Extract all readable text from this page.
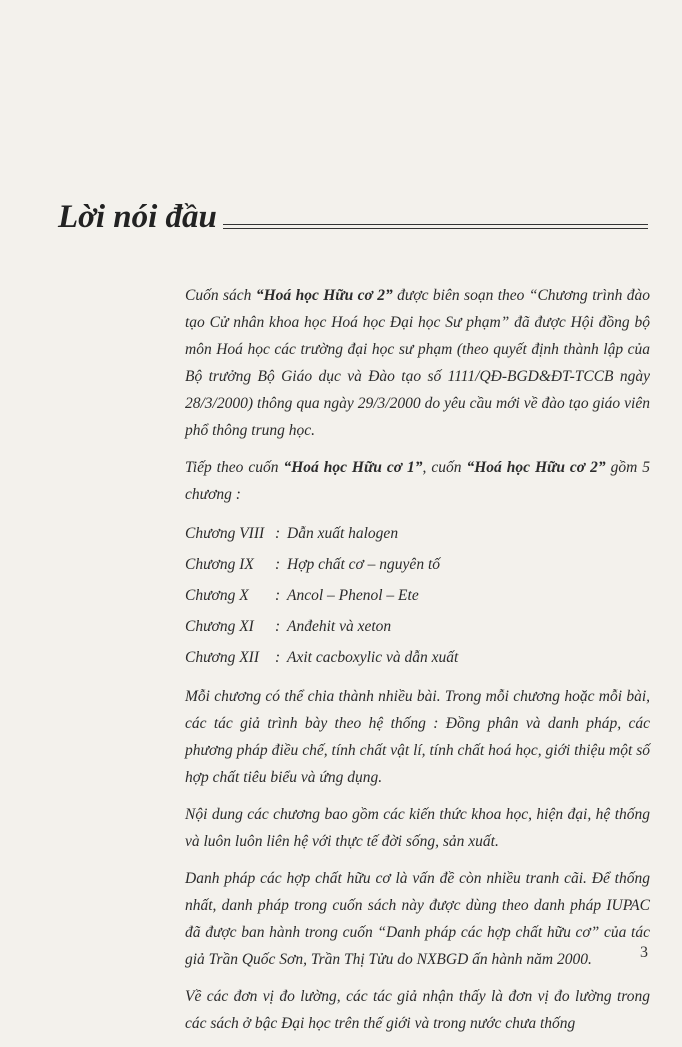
Lời nói đầu

Cuốn sách “Hoá học Hữu cơ 2” được biên soạn theo “Chương trình đào tạo Cử nhân khoa học Hoá học Đại học Sư phạm” đã được Hội đồng bộ môn Hoá học các trường đại học sư phạm (theo quyết định thành lập của Bộ trưởng Bộ Giáo dục và Đào tạo số 1111/QĐ-BGD&ĐT-TCCB ngày 28/3/2000) thông qua ngày 29/3/2000 do yêu cầu mới về đào tạo giáo viên phổ thông trung học.

Tiếp theo cuốn “Hoá học Hữu cơ 1”, cuốn “Hoá học Hữu cơ 2” gồm 5 chương :

Chương VIII : Dẫn xuất halogen
Chương IX	: Hợp chất cơ – nguyên tố
Chương X	: Ancol – Phenol – Ete
Chương XI	: Anđehit và xeton
Chương XII	: Axit cacboxylic và dẫn xuất

Mỗi chương có thể chia thành nhiều bài. Trong mỗi chương hoặc mỗi bài, các tác giả trình bày theo hệ thống : Đồng phân và danh pháp, các phương pháp điều chế, tính chất vật lí, tính chất hoá học, giới thiệu một số hợp chất tiêu biểu và ứng dụng.

Nội dung các chương bao gồm các kiến thức khoa học, hiện đại, hệ thống và luôn luôn liên hệ với thực tế đời sống, sản xuất.

Danh pháp các hợp chất hữu cơ là vấn đề còn nhiều tranh cãi. Để thống nhất, danh pháp trong cuốn sách này được dùng theo danh pháp IUPAC đã được ban hành trong cuốn “Danh pháp các hợp chất hữu cơ” của tác giả Trần Quốc Sơn, Trần Thị Tửu do NXBGD ấn hành năm 2000.

Về các đơn vị đo lường, các tác giả nhận thấy là đơn vị đo lường trong các sách ở bậc Đại học trên thế giới và trong nước chưa thống

3
